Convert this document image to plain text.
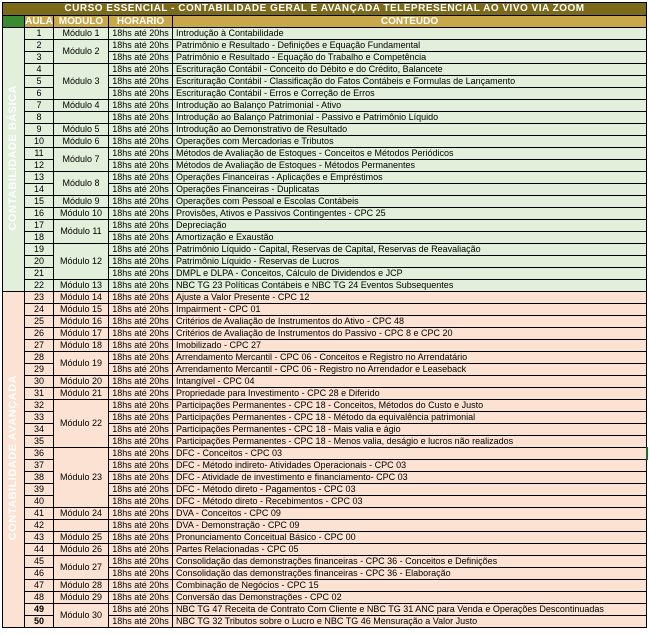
CURSO ESSENCIAL - CONTABILIDADE GERAL E AVANÇADA TELEPRESENCIAL AO VIVO VIA ZOOM				
	AULA	MÓDULO	HORÁRIO	CONTEÚDO
CONTABILIDADE BÁSICA	1	Módulo 1	18hs até 20hs	Introdução à Contabilidade
	2	Módulo 2	18hs até 20hs	Patrimônio e Resultado - Definições e Equação Fundamental
	3		18hs até 20hs	Patrimônio e Resultado - Equação do Trabalho e Competência
	4	Módulo 3	18hs até 20hs	Escrituração Contábil - Conceito do Débito e do Crédito, Balancete
	5		18hs até 20hs	Escrituração Contábil - Classificação do Fatos Contábeis e Formulas de Lançamento
	6		18hs até 20hs	Escrituração Contábil - Erros e Correção de Erros
	7	Módulo 4	18hs até 20hs	Introdução ao Balanço Patrimonial - Ativo
	8		18hs até 20hs	Introdução ao Balanço Patrimonial - Passivo e Patrimônio Líquido
	9	Módulo 5	18hs até 20hs	Introdução ao Demonstrativo de Resultado
	10	Módulo 6	18hs até 20hs	Operações com Mercadorias e Tributos
	11	Módulo 7	18hs até 20hs	Métodos de Avaliação de Estoques - Conceitos e Métodos Periódicos
	12		18hs até 20hs	Métodos de Avaliação de Estoques - Métodos Permanentes
	13	Módulo 8	18hs até 20hs	Operações Financeiras - Aplicações e Empréstimos
	14		18hs até 20hs	Operações Financeiras - Duplicatas
	15	Módulo 9	18hs até 20hs	Operações com Pessoal e Escolas Contábeis
	16	Módulo 10	18hs até 20hs	Provisões, Ativos e Passivos Contingentes - CPC 25
	17	Módulo 11	18hs até 20hs	Depreciação
	18		18hs até 20hs	Amortização e Exaustão
	19	Módulo 12	18hs até 20hs	Patrimônio Líquido - Capital, Reservas de Capital, Reservas de Reavaliação
	20		18hs até 20hs	Patrimônio Líquido - Reservas de Lucros
	21		18hs até 20hs	DMPL e DLPA - Conceitos, Cálculo de Dividendos e JCP
	22	Módulo 13	18hs até 20hs	NBC TG 23 Políticas Contábeis e NBC TG 24 Eventos Subsequentes
CONTABILIDADE AVANÇADA	23	Módulo 14	18hs até 20hs	Ajuste a Valor Presente - CPC 12
	24	Módulo 15	18hs até 20hs	Impairment - CPC 01
	25	Módulo 16	18hs até 20hs	Critérios de Avaliação de Instrumentos do Ativo - CPC 48
	26	Módulo 17	18hs até 20hs	Critérios de Avaliação de Instrumentos do Passivo - CPC 8 e CPC 20
	27	Módulo 18	18hs até 20hs	Imobilizado - CPC 27
	28	Módulo 19	18hs até 20hs	Arrendamento Mercantil - CPC 06 - Conceitos e Registro no Arrendatário
	29		18hs até 20hs	Arrendamento Mercantil - CPC 06 - Registro no Arrendador e Leaseback
	30	Módulo 20	18hs até 20hs	Intangível - CPC 04
	31	Módulo 21	18hs até 20hs	Propriedade para Investimento - CPC 28 e Diferido
	32	Módulo 22	18hs até 20hs	Participações Permanentes - CPC 18 - Conceitos, Métodos do Custo e Justo
	33		18hs até 20hs	Participações Permanentes - CPC 18 - Método da equivalência patrimonial
	34		18hs até 20hs	Participações Permanentes - CPC 18 - Mais valia e ágio
	35		18hs até 20hs	Participações Permanentes - CPC 18 - Menos valia, deságio e lucros não realizados
	36	Módulo 23	18hs até 20hs	DFC - Conceitos - CPC 03
	37		18hs até 20hs	DFC - Método indireto- Atividades Operacionais - CPC 03
	38		18hs até 20hs	DFC - Atividade de investimento e financiamento- CPC 03
	39		18hs até 20hs	DFC - Método direto - Pagamentos - CPC 03
	40		18hs até 20hs	DFC - Método direto - Recebimentos - CPC 03
	41	Módulo 24	18hs até 20hs	DVA - Conceitos - CPC 09
	42		18hs até 20hs	DVA - Demonstração - CPC 09
	43	Módulo 25	18hs até 20hs	Pronunciamento Conceitual Básico - CPC 00
	44	Módulo 26	18hs até 20hs	Partes Relacionadas - CPC 05
	45	Módulo 27	18hs até 20hs	Consolidação das demonstrações financeiras - CPC 36 - Conceitos e Definições
	46		18hs até 20hs	Consolidação das demonstrações financeiras - CPC 36 - Elaboração
	47	Módulo 28	18hs até 20hs	Combinação de Negócios - CPC 15
	48	Módulo 29	18hs até 20hs	Conversão das Demonstrações - CPC 02
	49	Módulo 30	18hs até 20hs	NBC TG 47 Receita de Contrato Com Cliente e NBC TG 31 ANC para Venda e Operações Descontinuadas
	50		18hs até 20hs	NBC TG 32 Tributos sobre o Lucro e NBC TG 46 Mensuração a Valor Justo
